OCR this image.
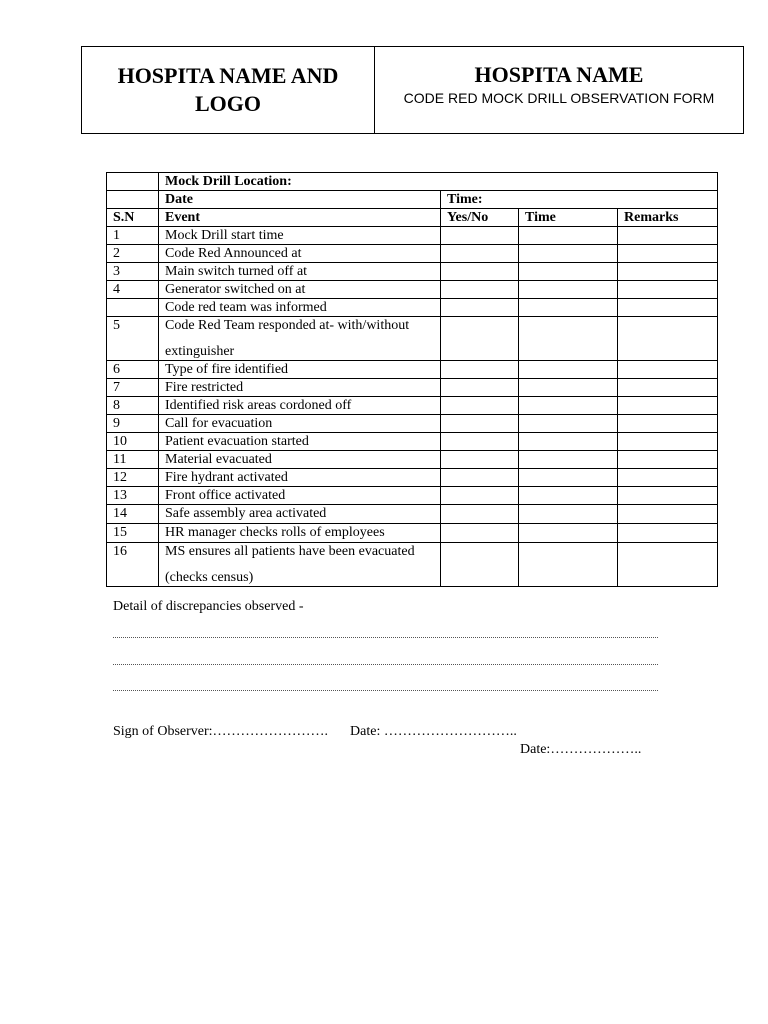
HOSPITA NAME AND LOGO
HOSPITA NAME
CODE RED MOCK DRILL OBSERVATION FORM
	Mock Drill Location:			
	Date	Time:		
S.N	Event	Yes/No	Time	Remarks
1	Mock Drill start time			
2	Code Red Announced at			
3	Main switch turned off at			
4	Generator switched on at			
	Code red team was informed			
5	Code Red Team responded at- with/without
extinguisher			

6	Type of fire identified			
7	Fire restricted			
8	Identified risk areas cordoned off			
9	Call for evacuation			
10	Patient evacuation started			
11	Material evacuated			
12	Fire hydrant activated			
13	Front office activated			
14	Safe assembly area activated			
15	HR manager checks rolls of employees			
16	MS ensures all patients have been evacuated
(checks census)			

Detail of discrepancies observed -
Sign of Observer:……………………. Date: ………………………..
Date:………………..
